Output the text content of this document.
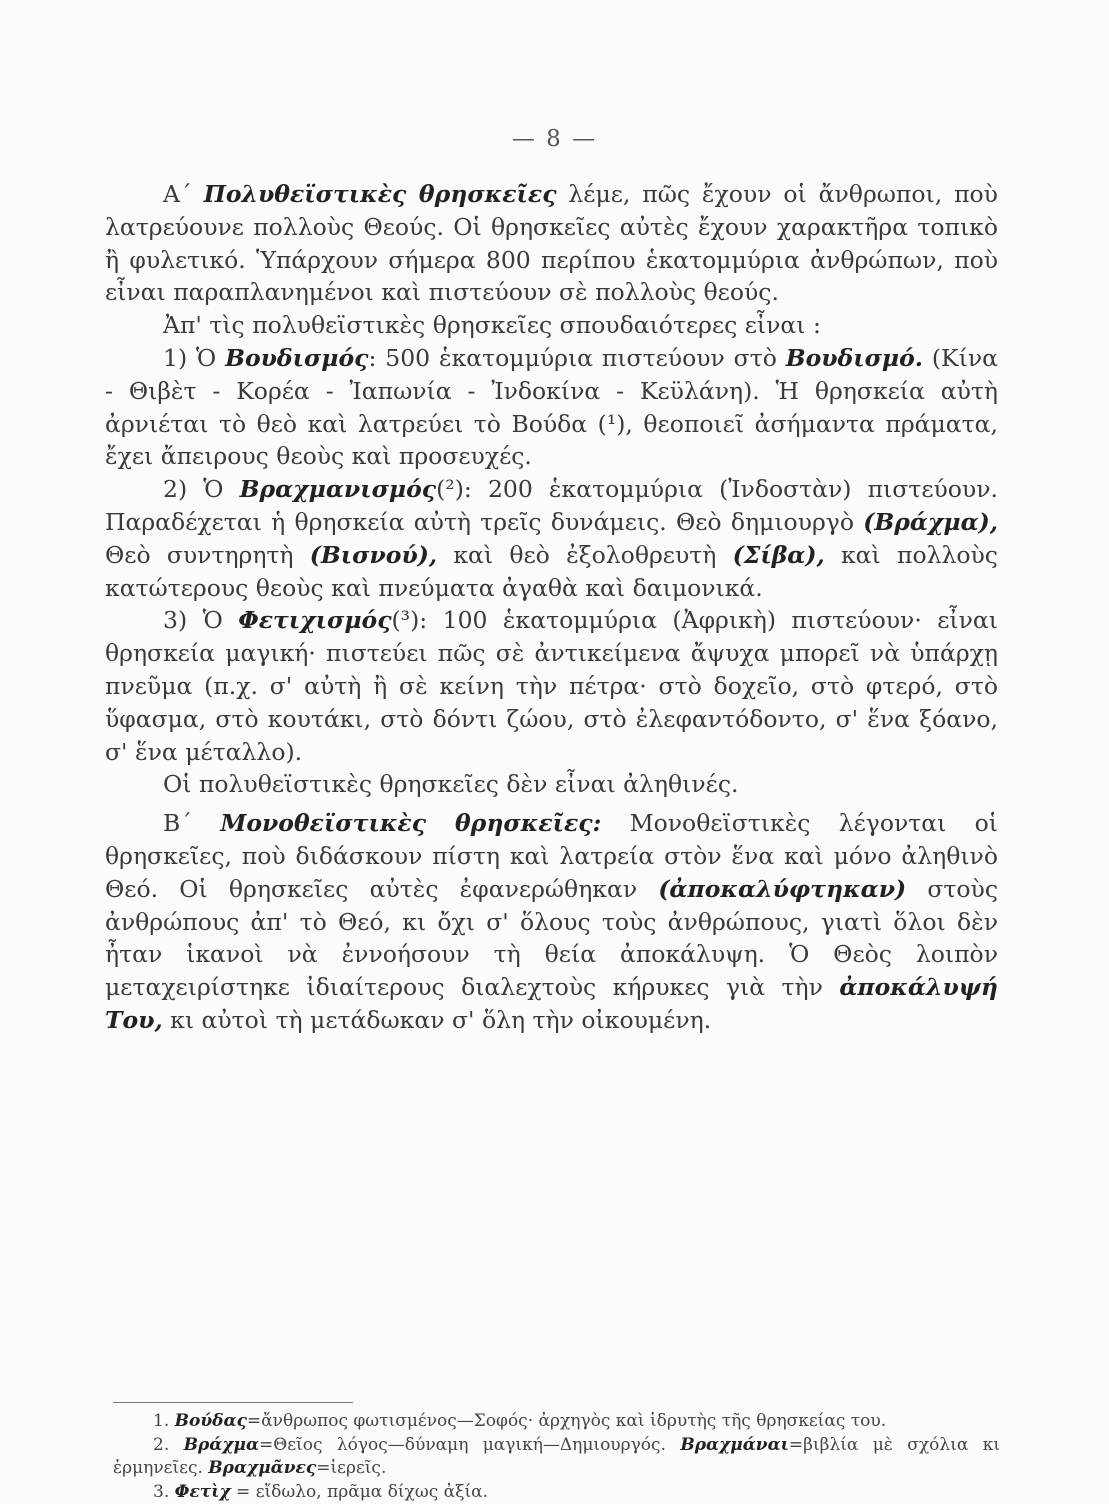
— 8 —

Α΄ Πολυθεϊστικὲς θρησκεῖες λέμε, πῶς ἔχουν οἱ ἄνθρωποι, ποὺ λατρεύουνε πολλοὺς Θεούς. Οἱ θρησκεῖες αὐτὲς ἔχουν χαρακτῆρα τοπικὸ ἢ φυλετικό. Ὑπάρχουν σήμερα 800 περίπου ἑκατομμύρια ἀνθρώπων, ποὺ εἶναι παραπλανημένοι καὶ πιστεύουν σὲ πολλοὺς θεούς.

Ἀπ' τὶς πολυθεϊστικὲς θρησκεῖες σπουδαιότερες εἶναι :

1) Ὁ Βουδισμός: 500 ἑκατομμύρια πιστεύουν στὸ Βουδισμό. (Κίνα - Θιβὲτ - Κορέα - Ἰαπωνία - Ἰνδοκίνα - Κεϋλάνη). Ἡ θρησκεία αὐτὴ ἀρνιέται τὸ θεὸ καὶ λατρεύει τὸ Βούδα (¹), θεοποιεῖ ἀσήμαντα πράματα, ἔχει ἄπειρους θεοὺς καὶ προσευχές.

2) Ὁ Βραχμανισμός(²): 200 ἑκατομμύρια (Ἰνδοστὰν) πιστεύουν. Παραδέχεται ἡ θρησκεία αὐτὴ τρεῖς δυνάμεις. Θεὸ δημιουργὸ (Βράχμα), Θεὸ συντηρητὴ (Βισνού), καὶ θεὸ ἐξολοθρευτὴ (Σίβα), καὶ πολλοὺς κατώτερους θεοὺς καὶ πνεύματα ἀγαθὰ καὶ δαιμονικά.

3) Ὁ Φετιχισμός(³): 100 ἑκατομμύρια (Ἀφρικὴ) πιστεύουν· εἶναι θρησκεία μαγική· πιστεύει πῶς σὲ ἀντικείμενα ἄψυχα μπορεῖ νὰ ὑπάρχῃ πνεῦμα (π.χ. σ' αὐτὴ ἢ σὲ κείνη τὴν πέτρα· στὸ δοχεῖο, στὸ φτερό, στὸ ὕφασμα, στὸ κουτάκι, στὸ δόντι ζώου, στὸ ἐλεφαντόδοντο, σ' ἕνα ξόανο, σ' ἕνα μέταλλο).

Οἱ πολυθεϊστικὲς θρησκεῖες δὲν εἶναι ἀληθινές.

Β΄ Μονοθεϊστικὲς θρησκεῖες: Μονοθεϊστικὲς λέγονται οἱ θρησκεῖες, ποὺ διδάσκουν πίστη καὶ λατρεία στὸν ἕνα καὶ μόνο ἀληθινὸ Θεό. Οἱ θρησκεῖες αὐτὲς ἐφανερώθηκαν (ἀποκαλύφτηκαν) στοὺς ἀνθρώπους ἀπ' τὸ Θεό, κι ὄχι σ' ὅλους τοὺς ἀνθρώπους, γιατὶ ὅλοι δὲν ἦταν ἱκανοὶ νὰ ἐννοήσουν τὴ θεία ἀποκάλυψη. Ὁ Θεὸς λοιπὸν μεταχειρίστηκε ἰδιαίτερους διαλεχτοὺς κήρυκες γιὰ τὴν ἀποκάλυψή Του, κι αὐτοὶ τὴ μετάδωκαν σ' ὅλη τὴν οἰκουμένη.

1. Βούδας=ἄνθρωπος φωτισμένος—Σοφός· ἀρχηγὸς καὶ ἱδρυτὴς τῆς θρησκείας του.
2. Βράχμα=Θεῖος λόγος—δύναμη μαγική—Δημιουργός. Βραχμάναι=βιβλία μὲ σχόλια κι ἑρμηνεῖες. Βραχμᾶνες=ἱερεῖς.
3. Φετὶχ = εἴδωλο, πρᾶμα δίχως ἀξία.
